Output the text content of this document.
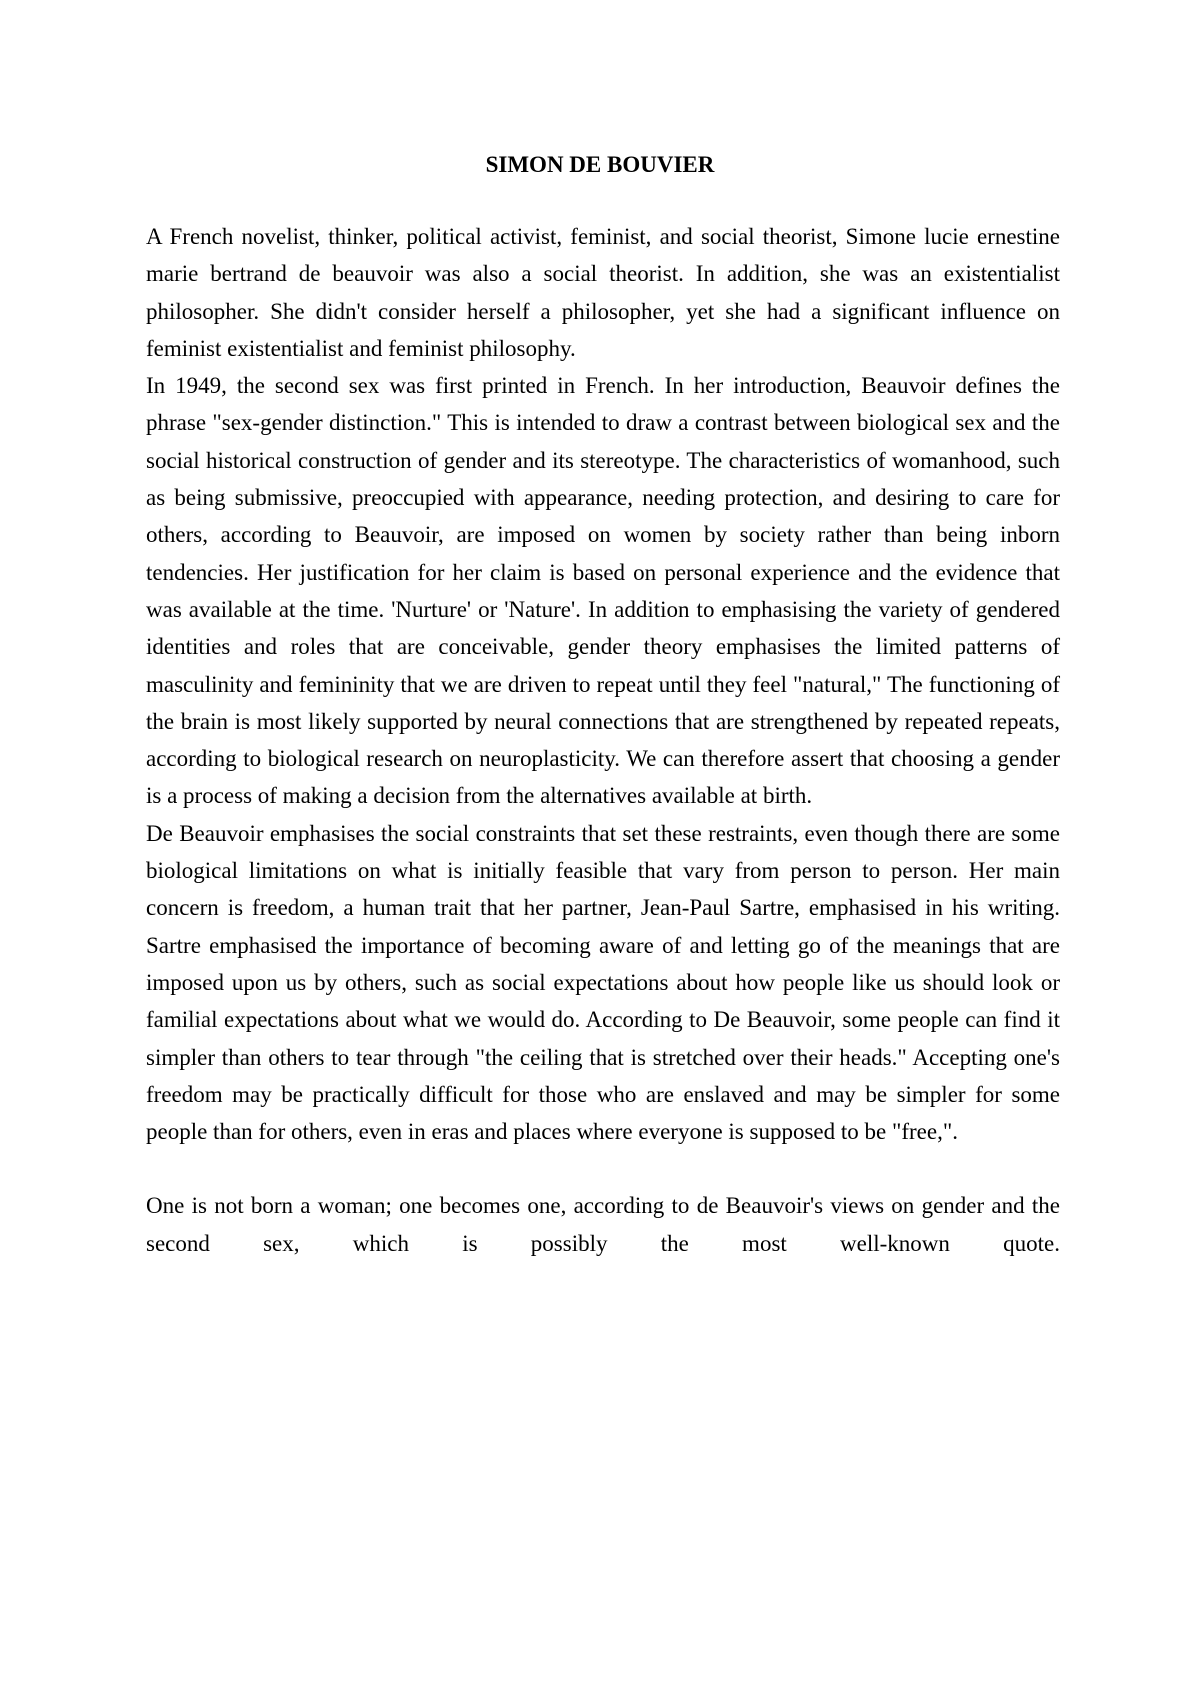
SIMON DE BOUVIER

A French novelist, thinker, political activist, feminist, and social theorist, Simone lucie ernestine marie bertrand de beauvoir was also a social theorist. In addition, she was an existentialist philosopher. She didn't consider herself a philosopher, yet she had a significant influence on feminist existentialist and feminist philosophy.

In 1949, the second sex was first printed in French. In her introduction, Beauvoir defines the phrase "sex-gender distinction." This is intended to draw a contrast between biological sex and the social historical construction of gender and its stereotype. The characteristics of womanhood, such as being submissive, preoccupied with appearance, needing protection, and desiring to care for others, according to Beauvoir, are imposed on women by society rather than being inborn tendencies. Her justification for her claim is based on personal experience and the evidence that was available at the time. 'Nurture' or 'Nature'. In addition to emphasising the variety of gendered identities and roles that are conceivable, gender theory emphasises the limited patterns of masculinity and femininity that we are driven to repeat until they feel "natural," The functioning of the brain is most likely supported by neural connections that are strengthened by repeated repeats, according to biological research on neuroplasticity. We can therefore assert that choosing a gender is a process of making a decision from the alternatives available at birth.

De Beauvoir emphasises the social constraints that set these restraints, even though there are some biological limitations on what is initially feasible that vary from person to person. Her main concern is freedom, a human trait that her partner, Jean-Paul Sartre, emphasised in his writing. Sartre emphasised the importance of becoming aware of and letting go of the meanings that are imposed upon us by others, such as social expectations about how people like us should look or familial expectations about what we would do. According to De Beauvoir, some people can find it simpler than others to tear through "the ceiling that is stretched over their heads." Accepting one's freedom may be practically difficult for those who are enslaved and may be simpler for some people than for others, even in eras and places where everyone is supposed to be "free,".

One is not born a woman; one becomes one, according to de Beauvoir's views on gender and the second sex, which is possibly the most well-known quote.
